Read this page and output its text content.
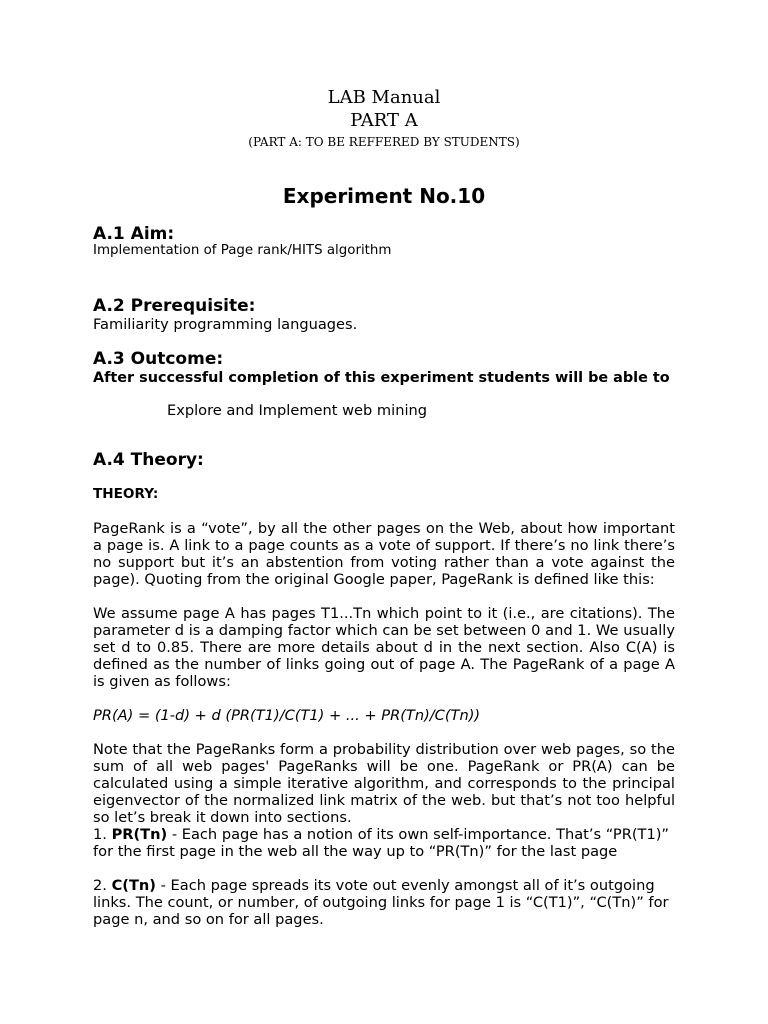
LAB Manual
PART A
(PART A: TO BE REFFERED BY STUDENTS)
Experiment No.10
A.1 Aim:
Implementation of Page rank/HITS algorithm
A.2 Prerequisite:
Familiarity programming languages.
A.3 Outcome:
After successful completion of this experiment students will be able to
Explore and Implement web mining
A.4 Theory:
THEORY:
PageRank is a “vote”, by all the other pages on the Web, about how important a page is. A link to a page counts as a vote of support. If there’s no link there’s no support but it’s an abstention from voting rather than a vote against the page). Quoting from the original Google paper, PageRank is defined like this:
We assume page A has pages T1...Tn which point to it (i.e., are citations). The parameter d is a damping factor which can be set between 0 and 1. We usually set d to 0.85. There are more details about d in the next section. Also C(A) is defined as the number of links going out of page A. The PageRank of a page A is given as follows:
PR(A) = (1-d) + d (PR(T1)/C(T1) + ... + PR(Tn)/C(Tn))
Note that the PageRanks form a probability distribution over web pages, so the sum of all web pages' PageRanks will be one. PageRank or PR(A) can be calculated using a simple iterative algorithm, and corresponds to the principal eigenvector of the normalized link matrix of the web. but that’s not too helpful so let’s break it down into sections.
1. PR(Tn) - Each page has a notion of its own self-importance. That’s “PR(T1)” for the first page in the web all the way up to “PR(Tn)” for the last page
2. C(Tn) - Each page spreads its vote out evenly amongst all of it’s outgoing links. The count, or number, of outgoing links for page 1 is “C(T1)”, “C(Tn)” for page n, and so on for all pages.
